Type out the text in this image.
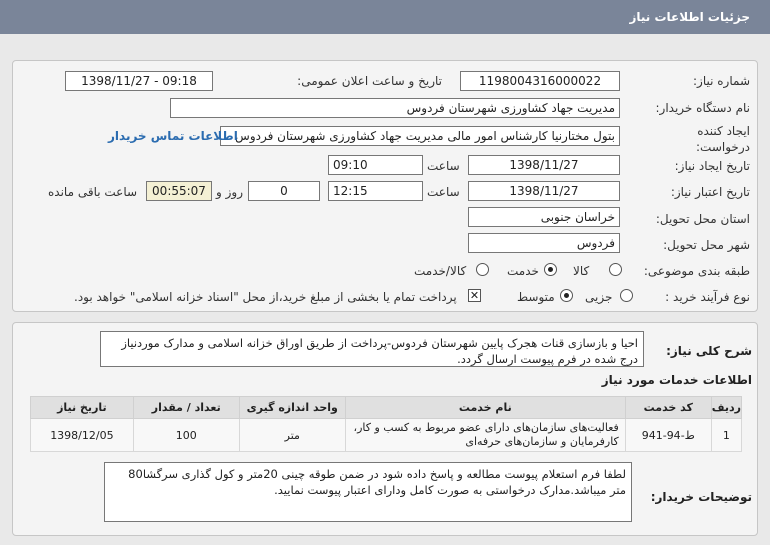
جزئیات اطلاعات نیاز
شماره نیاز:
1198004316000022
تاریخ و ساعت اعلان عمومی:
1398/11/27 - 09:18
نام دستگاه خریدار:
مدیریت جهاد کشاورزی شهرستان فردوس
ایجاد کننده
درخواست:
بتول مختارنیا کارشناس امور مالی مدیریت جهاد کشاورزی شهرستان فردوس
اطلاعات تماس خریدار
تاریخ ایجاد نیاز:
1398/11/27
ساعت
09:10
تاریخ اعتبار نیاز:
1398/11/27
ساعت
12:15
0
روز و
00:55:07
ساعت باقی مانده
استان محل تحویل:
خراسان جنوبی
شهر محل تحویل:
فردوس
طبقه بندی موضوعی:
کالا
خدمت
کالا/خدمت
نوع فرآیند خرید :
جزیی
متوسط
✕
پرداخت تمام یا بخشی از مبلغ خرید،از محل "اسناد خزانه اسلامی" خواهد بود.
شرح کلی نیاز:
احیا و بازسازی قنات هجرک پایین شهرستان فردوس-پرداخت از طریق اوراق خزانه اسلامی و مدارک موردنیاز درج شده در فرم پیوست ارسال گردد.
اطلاعات خدمات مورد نیاز
ردیف	کد خدمت	نام خدمت	واحد اندازه گیری	تعداد / مقدار	تاریخ نیاز
1	ط-94-941	فعالیت‌های سازمان‌های دارای عضو مربوط به کسب و کار، کارفرمایان و سازمان‌های حرفه‌ای	متر	100	1398/12/05
توضیحات خریدار:
لطفا فرم استعلام پیوست مطالعه و پاسخ داده شود در ضمن طوقه چینی 20متر و کول گذاری سرگشا80 متر میباشد.مدارک درخواستی به صورت کامل ودارای اعتبار پیوست نمایید.
